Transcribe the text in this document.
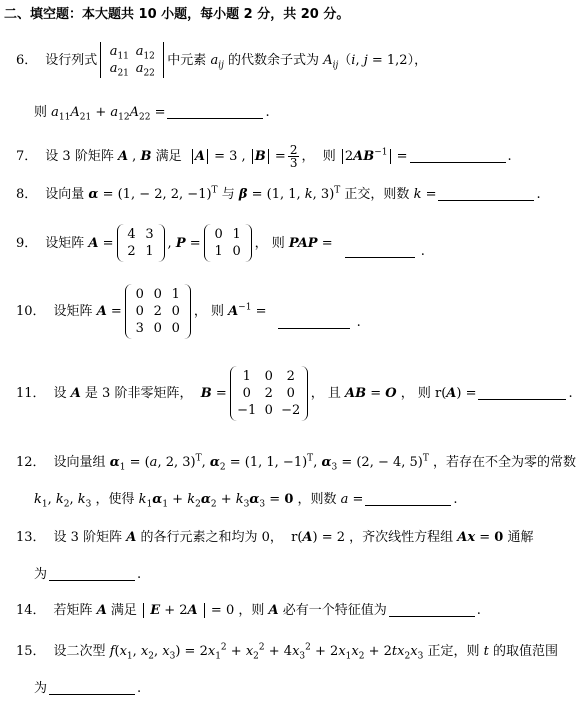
二、填空题：本大题共 10 小题，每小题 2 分，共 20 分。
6． 设行列式
$a_{11}$ $a_{12}$
$a_{21}$ $a_{22}$
中元素 $a_{ij}$ 的代数余子式为 $A_{ij}$ （i, j = 1,2），
则 $a_{11}A_{21} + a_{12}A_{22}$ =	.
7． 设 3 阶矩阵 A , B 满足  A = 3 , $B = \frac{2}{3}$ ，  则 $2AB^{-1}$ =	.
8． 设向量 α = (1, − 2, 2, −1)$^T$ 与 β = (1, 1, k, 3)$^T$ 正交，则数 k =	.
9． 设矩阵 A =
4 3
2 1
, P =
0 1
1 0
， 则 PAP =
.
10． 设矩阵 A =
0 0 1
0 2 0
3 0 0
， 则 $A^{-1}$ =
.
11． 设 A 是 3 阶非零矩阵，  B =
1	0	2
0	2	0
−1 0 −2
， 且 AB = O ， 则 r(A) =	.
12． 设向量组 $\alpha_1 = (a$, 2, 3)$^T$, $\alpha_2 = (1$, 1, −1)$^T$, $\alpha_3 = (2$, − 4, 5)$^T$ ，若存在不全为零的常数
$k_1$, $k_2$, $k_3$ ，使得 $k_1\alpha_1 + k_2\alpha_2 + k_3\alpha_3 = 0$ ，则数 a =	.
13． 设 3 阶矩阵 A 的各行元素之和均为 0，  r(A) = 2 ，齐次线性方程组 Ax = 0 通解
为	.
14． 若矩阵 A 满足  E + 2A  = 0 ，则 A 必有一个特征值为	.
15． 设二次型 $f(x_1$, $x_2$, $x_3) = 2x_1^2 + x_2^2 + 4x_3^2 + 2x_1x_2 + 2tx_2x_3$ 正定，则 t 的取值范围
为	.
